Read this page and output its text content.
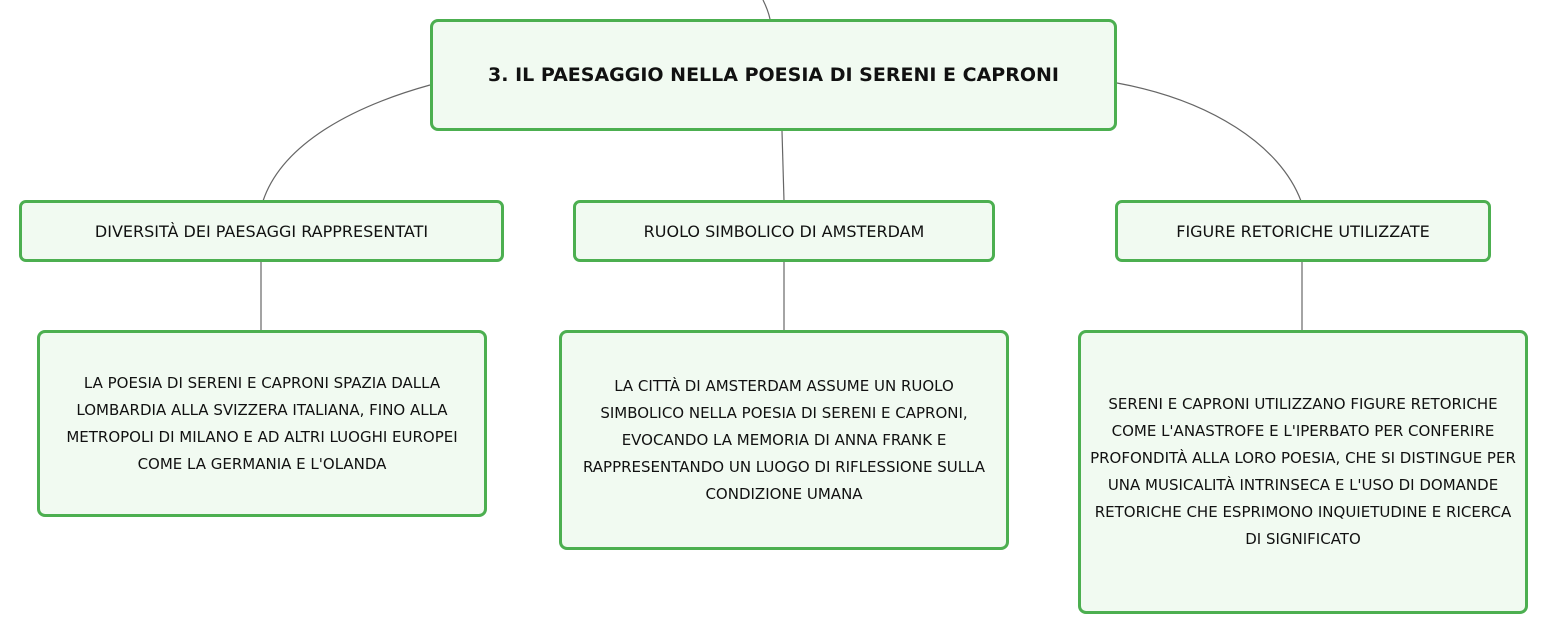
3. IL PAESAGGIO NELLA POESIA DI SERENI E CAPRONI
DIVERSITÀ DEI PAESAGGI RAPPRESENTATI	RUOLO SIMBOLICO DI AMSTERDAM	FIGURE RETORICHE UTILIZZATE
LA POESIA DI SERENI E CAPRONI SPAZIA DALLA LOMBARDIA ALLA SVIZZERA ITALIANA, FINO ALLA METROPOLI DI MILANO E AD ALTRI LUOGHI EUROPEI COME LA GERMANIA E L'OLANDA
LA CITTÀ DI AMSTERDAM ASSUME UN RUOLO SIMBOLICO NELLA POESIA DI SERENI E CAPRONI, EVOCANDO LA MEMORIA DI ANNA FRANK E RAPPRESENTANDO UN LUOGO DI RIFLESSIONE SULLA CONDIZIONE UMANA
SERENI E CAPRONI UTILIZZANO FIGURE RETORICHE COME L'ANASTROFE E L'IPERBATO PER CONFERIRE PROFONDITÀ ALLA LORO POESIA, CHE SI DISTINGUE PER UNA MUSICALITÀ INTRINSECA E L'USO DI DOMANDE RETORICHE CHE ESPRIMONO INQUIETUDINE E RICERCA DI SIGNIFICATO
